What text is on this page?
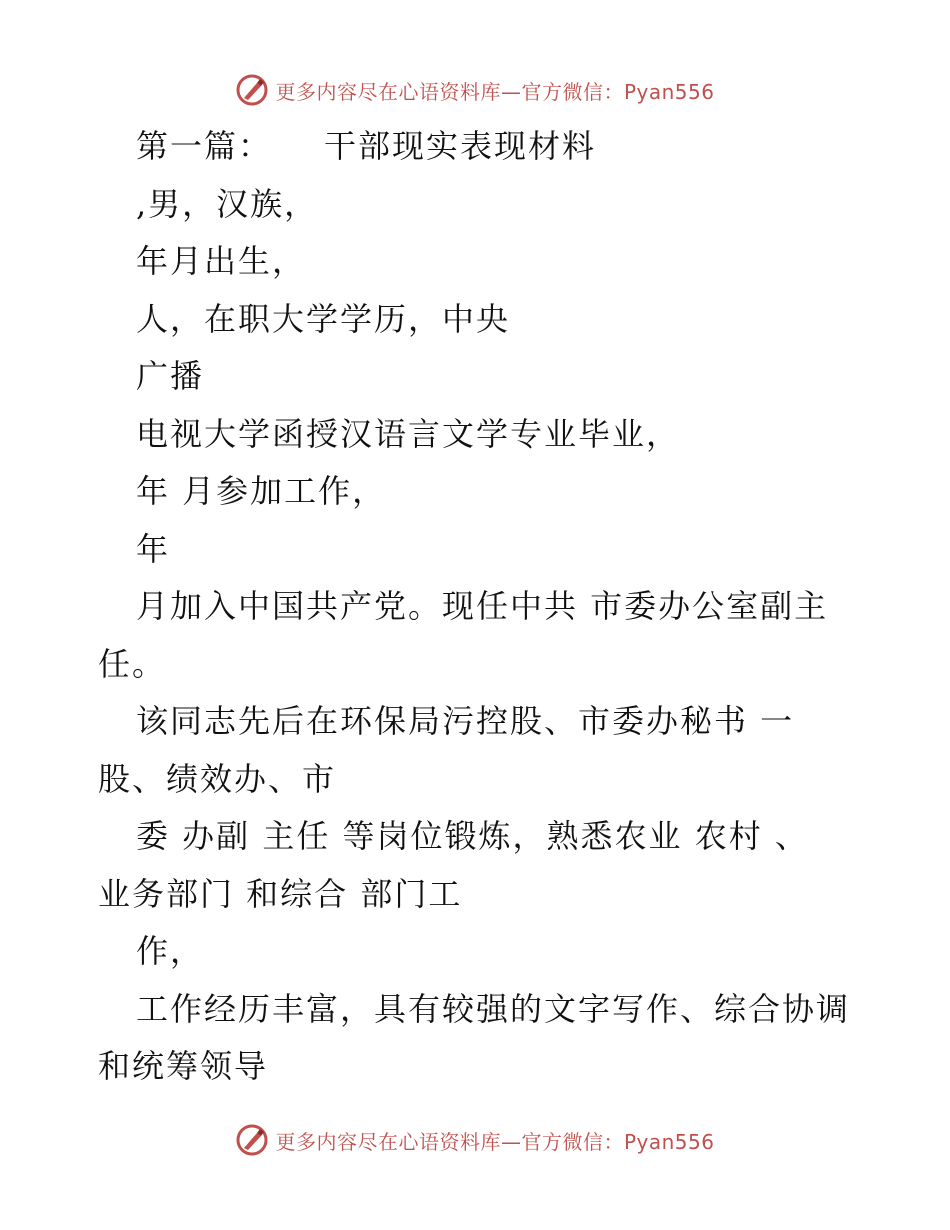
更多内容尽在心语资料库—官方微信：Pyan556
第一篇：　　干部现实表现材料
,男，汉族，
年月出生，
人，在职大学学历，中央
广播
电视大学函授汉语言文学专业毕业，
年 月参加工作，
年
月加入中国共产党。现任中共 市委办公室副主
任。
该同志先后在环保局污控股、市委办秘书 一
股、绩效办、市
委 办副 主任 等岗位锻炼，熟悉农业 农村 、
业务部门 和综合 部门工
作，
工作经历丰富，具有较强的文字写作、综合协调
和统筹领导
更多内容尽在心语资料库—官方微信：Pyan556
